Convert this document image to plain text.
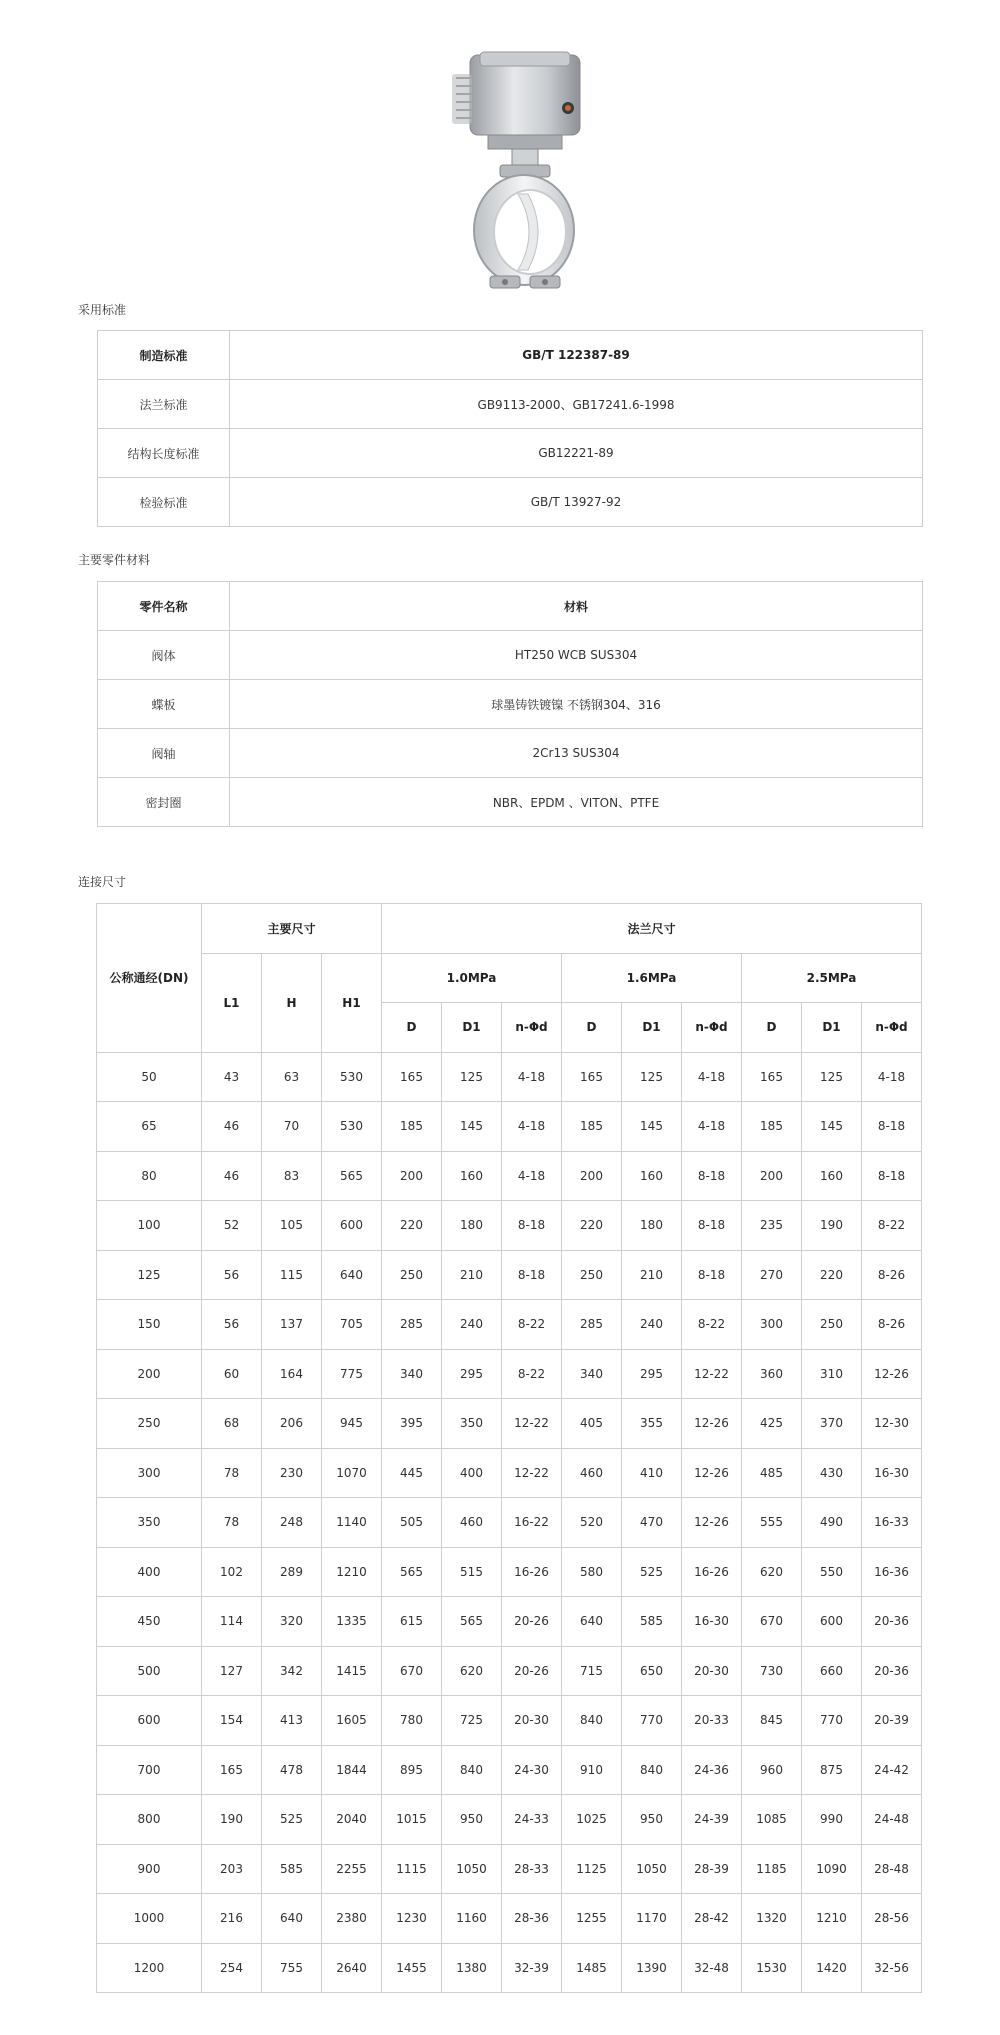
采用标准
制造标准	GB/T 122387-89
法兰标准	GB9113-2000、GB17241.6-1998
结构长度标准	GB12221-89
检验标准	GB/T 13927-92
主要零件材料
零件名称	材料
阀体	HT250 WCB SUS304
蝶板	球墨铸铁镀镍 不锈钢304、316
阀轴	2Cr13 SUS304
密封圈	NBR、EPDM 、VITON、PTFE
连接尺寸
公称通经(DN)	主要尺寸			法兰尺寸								
	L1	H	H1	1.0MPa			1.6MPa			2.5MPa		
				D	D1	n-Φd	D	D1	n-Φd	D	D1	n-Φd
50	43	63	530	165	125	4-18	165	125	4-18	165	125	4-18
65	46	70	530	185	145	4-18	185	145	4-18	185	145	8-18
80	46	83	565	200	160	4-18	200	160	8-18	200	160	8-18
100	52	105	600	220	180	8-18	220	180	8-18	235	190	8-22
125	56	115	640	250	210	8-18	250	210	8-18	270	220	8-26
150	56	137	705	285	240	8-22	285	240	8-22	300	250	8-26
200	60	164	775	340	295	8-22	340	295	12-22	360	310	12-26
250	68	206	945	395	350	12-22	405	355	12-26	425	370	12-30
300	78	230	1070	445	400	12-22	460	410	12-26	485	430	16-30
350	78	248	1140	505	460	16-22	520	470	12-26	555	490	16-33
400	102	289	1210	565	515	16-26	580	525	16-26	620	550	16-36
450	114	320	1335	615	565	20-26	640	585	16-30	670	600	20-36
500	127	342	1415	670	620	20-26	715	650	20-30	730	660	20-36
600	154	413	1605	780	725	20-30	840	770	20-33	845	770	20-39
700	165	478	1844	895	840	24-30	910	840	24-36	960	875	24-42
800	190	525	2040	1015	950	24-33	1025	950	24-39	1085	990	24-48
900	203	585	2255	1115	1050	28-33	1125	1050	28-39	1185	1090	28-48
1000	216	640	2380	1230	1160	28-36	1255	1170	28-42	1320	1210	28-56
1200	254	755	2640	1455	1380	32-39	1485	1390	32-48	1530	1420	32-56
